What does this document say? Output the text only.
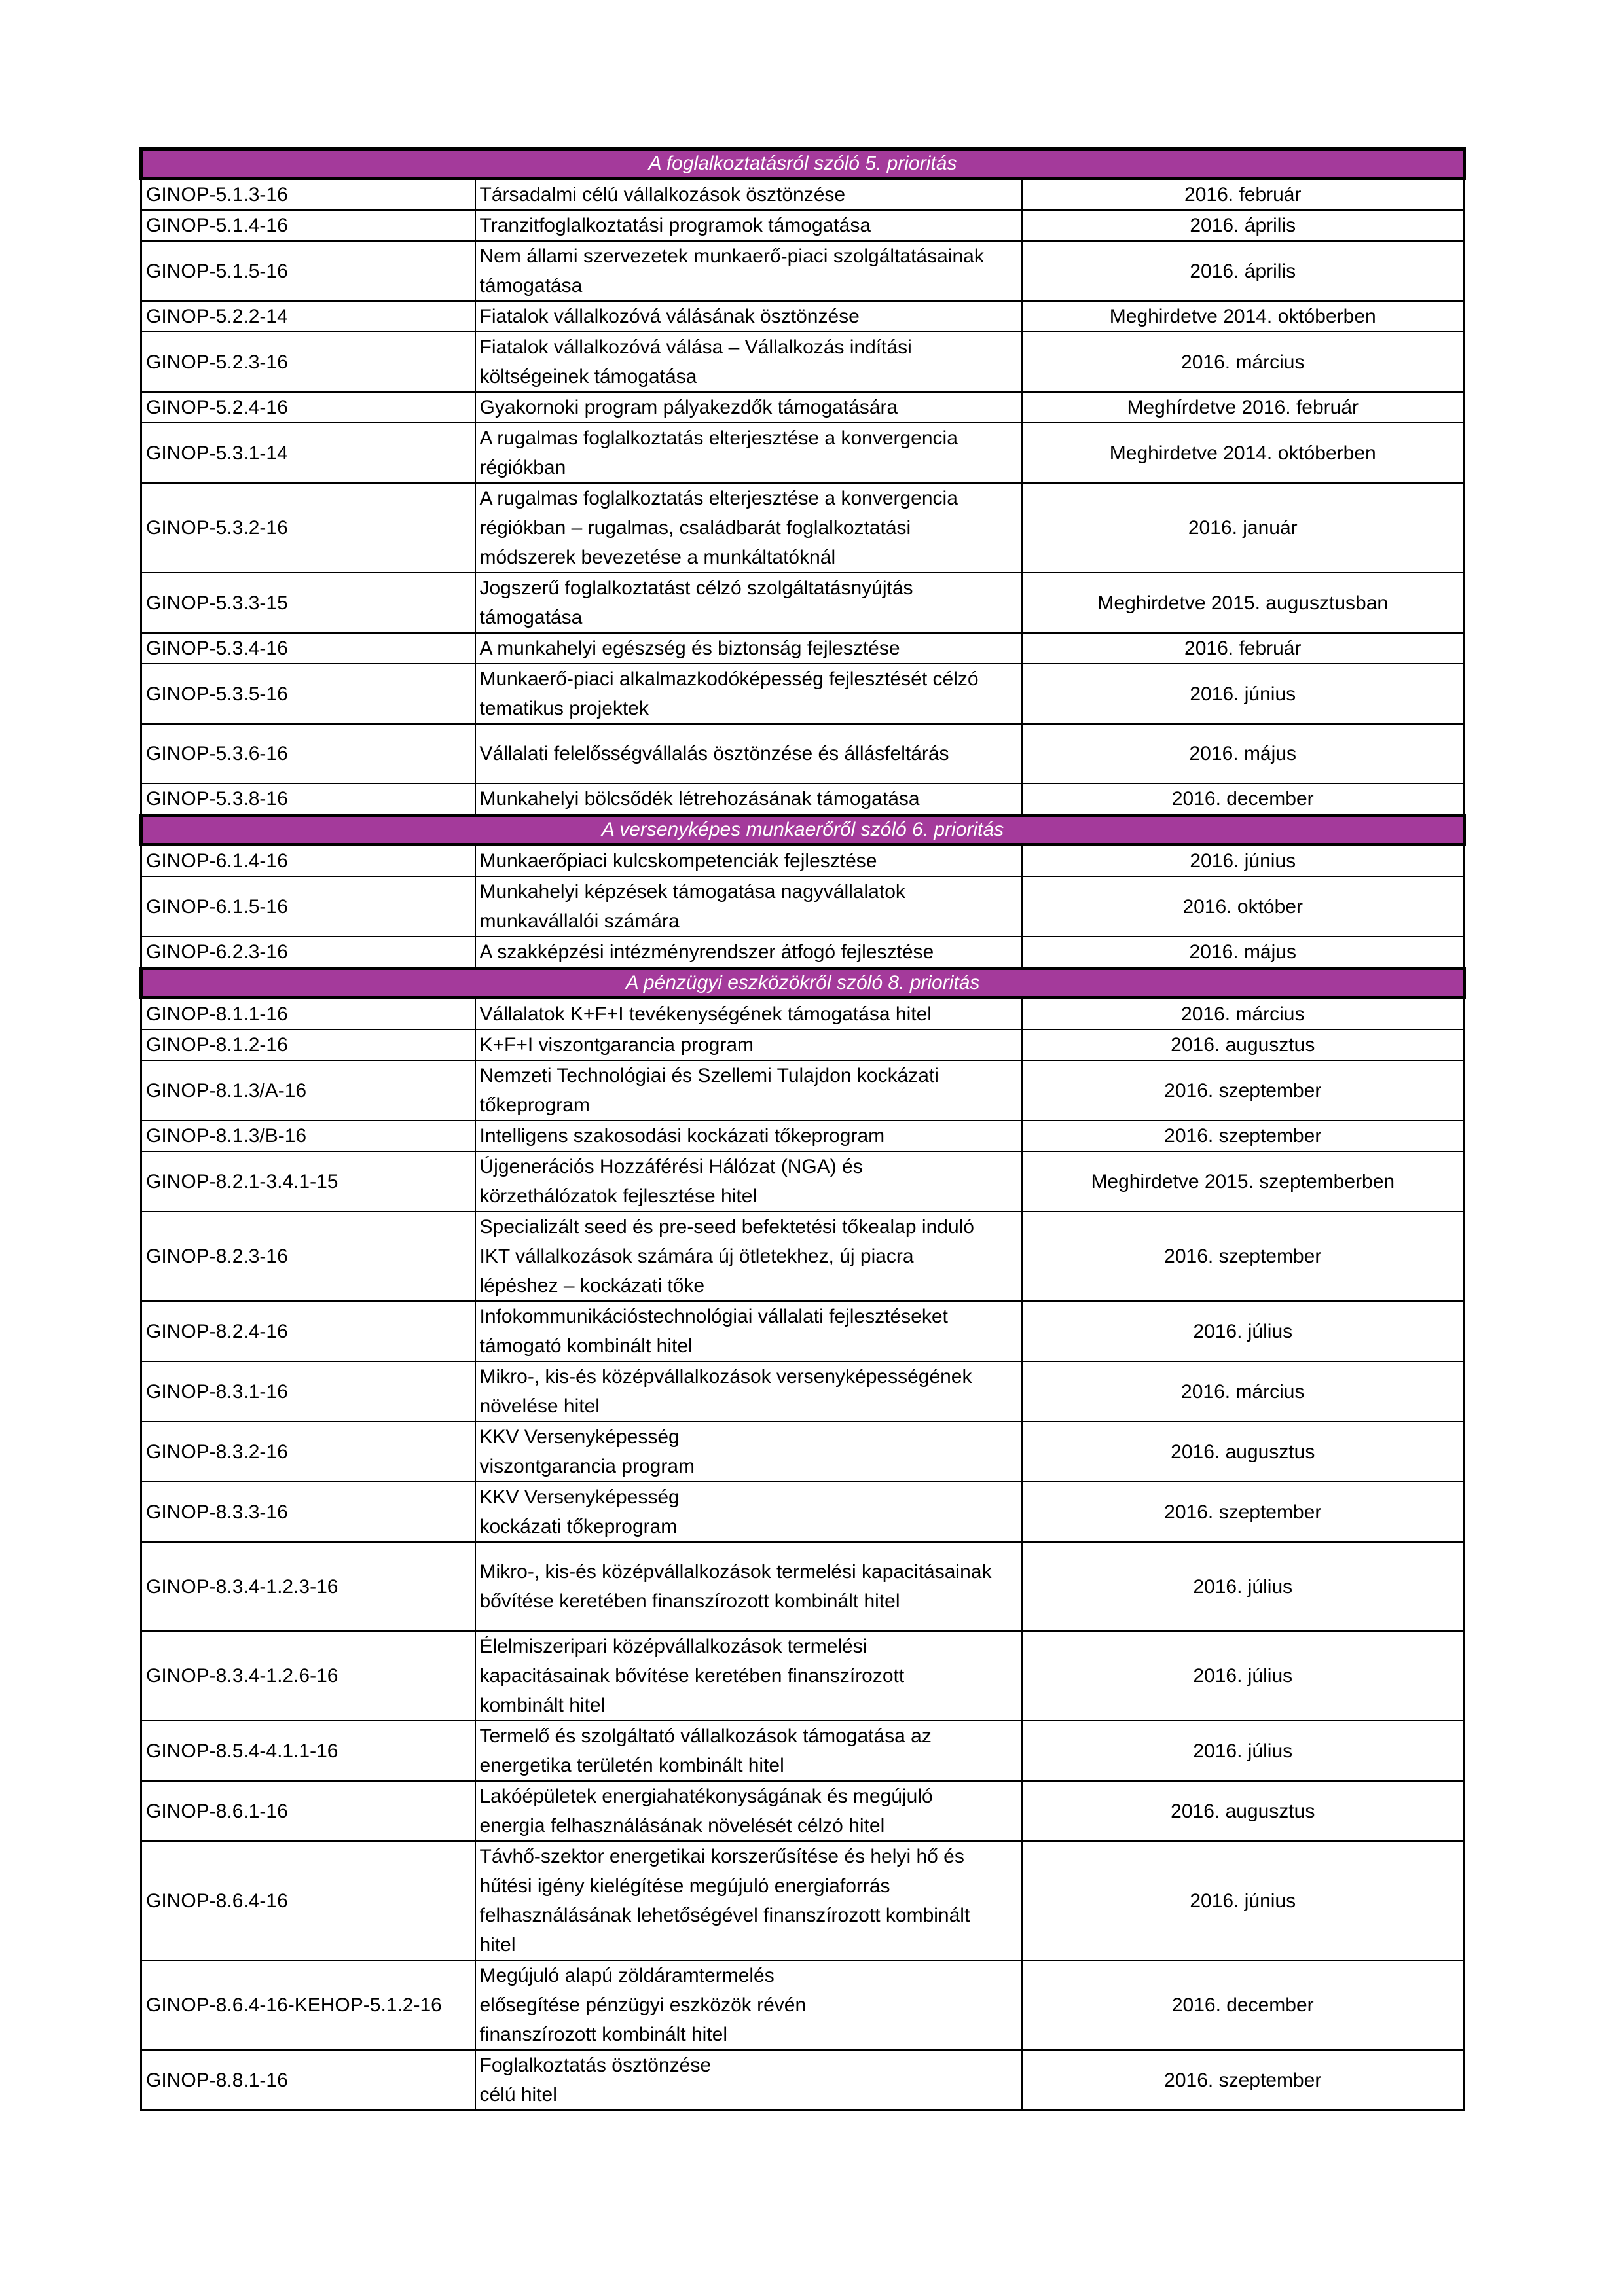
A foglalkoztatásról szóló 5. prioritás		
GINOP-5.1.3-16	Társadalmi célú vállalkozások ösztönzése	2016. február
GINOP-5.1.4-16	Tranzitfoglalkoztatási programok támogatása	2016. április
GINOP-5.1.5-16	Nem állami szervezetek munkaerő-piaci szolgáltatásainak
támogatása	2016. április
GINOP-5.2.2-14	Fiatalok vállalkozóvá válásának ösztönzése	Meghirdetve 2014. októberben
GINOP-5.2.3-16	Fiatalok vállalkozóvá válása – Vállalkozás indítási
költségeinek támogatása	2016. március
GINOP-5.2.4-16	Gyakornoki program pályakezdők támogatására	Meghírdetve 2016. február
GINOP-5.3.1-14	A rugalmas foglalkoztatás elterjesztése a konvergencia
régiókban	Meghirdetve 2014. októberben
GINOP-5.3.2-16	A rugalmas foglalkoztatás elterjesztése a konvergencia
régiókban – rugalmas, családbarát foglalkoztatási
módszerek bevezetése a munkáltatóknál	2016. január
GINOP-5.3.3-15	Jogszerű foglalkoztatást célzó szolgáltatásnyújtás
támogatása	Meghirdetve 2015. augusztusban
GINOP-5.3.4-16	A munkahelyi egészség és biztonság fejlesztése	2016. február
GINOP-5.3.5-16	Munkaerő-piaci alkalmazkodóképesség fejlesztését célzó
tematikus projektek	2016. június
GINOP-5.3.6-16	Vállalati felelősségvállalás ösztönzése és állásfeltárás	2016. május
GINOP-5.3.8-16	Munkahelyi bölcsődék létrehozásának támogatása	2016. december
A versenyképes munkaerőről szóló 6. prioritás		
GINOP-6.1.4-16	Munkaerőpiaci kulcskompetenciák fejlesztése	2016. június
GINOP-6.1.5-16	Munkahelyi képzések támogatása nagyvállalatok
munkavállalói számára	2016. október
GINOP-6.2.3-16	A szakképzési intézményrendszer átfogó fejlesztése	2016. május
A pénzügyi eszközökről szóló 8. prioritás		
GINOP-8.1.1-16	Vállalatok K+F+I tevékenységének támogatása hitel	2016. március
GINOP-8.1.2-16	K+F+I viszontgarancia program	2016. augusztus
GINOP-8.1.3/A-16	Nemzeti Technológiai és Szellemi Tulajdon kockázati
tőkeprogram	2016. szeptember
GINOP-8.1.3/B-16	Intelligens szakosodási kockázati tőkeprogram	2016. szeptember
GINOP-8.2.1-3.4.1-15	Újgenerációs Hozzáférési Hálózat (NGA) és
körzethálózatok fejlesztése hitel	Meghirdetve 2015. szeptemberben
GINOP-8.2.3-16	Specializált seed és pre-seed befektetési tőkealap induló
IKT vállalkozások számára új ötletekhez, új piacra
lépéshez – kockázati tőke	2016. szeptember
GINOP-8.2.4-16	Infokommunikációstechnológiai vállalati fejlesztéseket
támogató kombinált hitel	2016. július
GINOP-8.3.1-16	Mikro-, kis-és középvállalkozások versenyképességének
növelése hitel	2016. március
GINOP-8.3.2-16	KKV Versenyképesség
viszontgarancia program	2016. augusztus
GINOP-8.3.3-16	KKV Versenyképesség
kockázati tőkeprogram	2016. szeptember
GINOP-8.3.4-1.2.3-16	Mikro-, kis-és középvállalkozások termelési kapacitásainak
bővítése keretében finanszírozott kombinált hitel	2016. július
GINOP-8.3.4-1.2.6-16	Élelmiszeripari középvállalkozások termelési
kapacitásainak bővítése keretében finanszírozott
kombinált hitel	2016. július
GINOP-8.5.4-4.1.1-16	Termelő és szolgáltató vállalkozások támogatása az
energetika területén kombinált hitel	2016. július
GINOP-8.6.1-16	Lakóépületek energiahatékonyságának és megújuló
energia felhasználásának növelését célzó hitel	2016. augusztus
GINOP-8.6.4-16	Távhő-szektor energetikai korszerűsítése és helyi hő és
hűtési igény kielégítése megújuló energiaforrás
felhasználásának lehetőségével finanszírozott kombinált
hitel	2016. június
GINOP-8.6.4-16-KEHOP-5.1.2-16	Megújuló alapú zöldáramtermelés
elősegítése pénzügyi eszközök révén
finanszírozott kombinált hitel	2016. december
GINOP-8.8.1-16	Foglalkoztatás ösztönzése
célú hitel	2016. szeptember
